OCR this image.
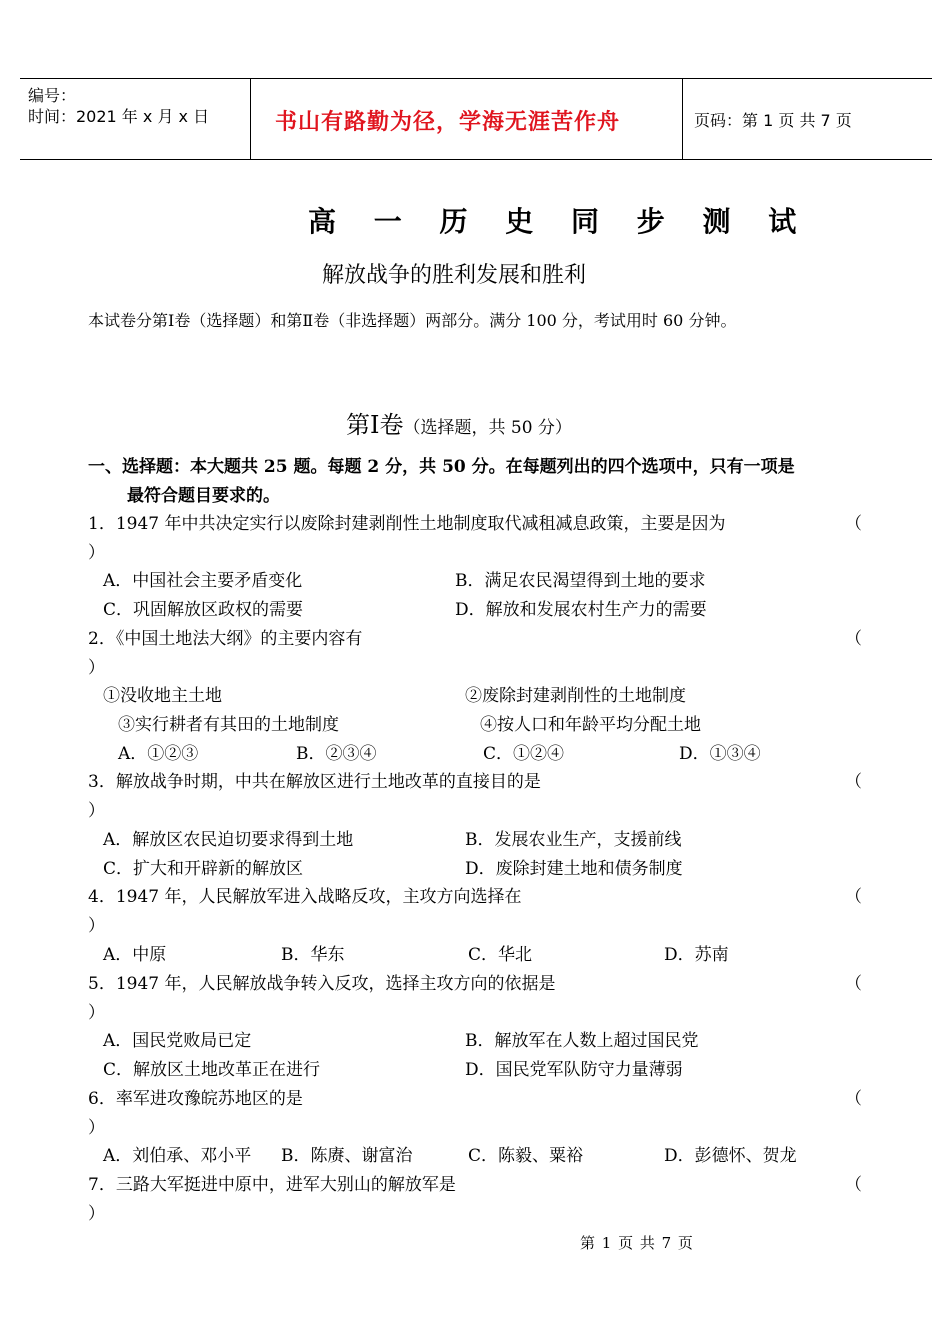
编号：
时间：2021 年 x 月 x 日	书山有路勤为径，学海无涯苦作舟	页码：第 1 页 共 7 页
高 一 历 史 同 步 测 试
解放战争的胜利发展和胜利
本试卷分第Ⅰ卷（选择题）和第Ⅱ卷（非选择题）两部分。满分 100 分，考试用时 60 分钟。
第Ⅰ卷（选择题，共 50 分）
一、选择题：本大题共 25 题。每题 2 分，共 50 分。在每题列出的四个选项中，只有一项是
最符合题目要求的。
1．1947 年中共决定实行以废除封建剥削性土地制度取代减租减息政策，主要是因为	（
）
A．中国社会主要矛盾变化	B．满足农民渴望得到土地的要求
C．巩固解放区政权的需要	D．解放和发展农村生产力的需要
2．《中国土地法大纲》的主要内容有	（
）
①没收地主土地	②废除封建剥削性的土地制度
③实行耕者有其田的土地制度	④按人口和年龄平均分配土地
A．①②③	B．②③④	C．①②④	D．①③④
3．解放战争时期，中共在解放区进行土地改革的直接目的是	（
）
A．解放区农民迫切要求得到土地	B．发展农业生产，支援前线
C．扩大和开辟新的解放区	D．废除封建土地和债务制度
4．1947 年，人民解放军进入战略反攻，主攻方向选择在	（
）
A．中原	B．华东	C．华北	D．苏南
5．1947 年，人民解放战争转入反攻，选择主攻方向的依据是	（
）
A．国民党败局已定	B．解放军在人数上超过国民党
C．解放区土地改革正在进行	D．国民党军队防守力量薄弱
6．率军进攻豫皖苏地区的是	（
）
A．刘伯承、邓小平 B．陈赓、谢富治	C．陈毅、粟裕	D．彭德怀、贺龙
7．三路大军挺进中原中，进军大别山的解放军是	（
）
第 1 页 共 7 页
